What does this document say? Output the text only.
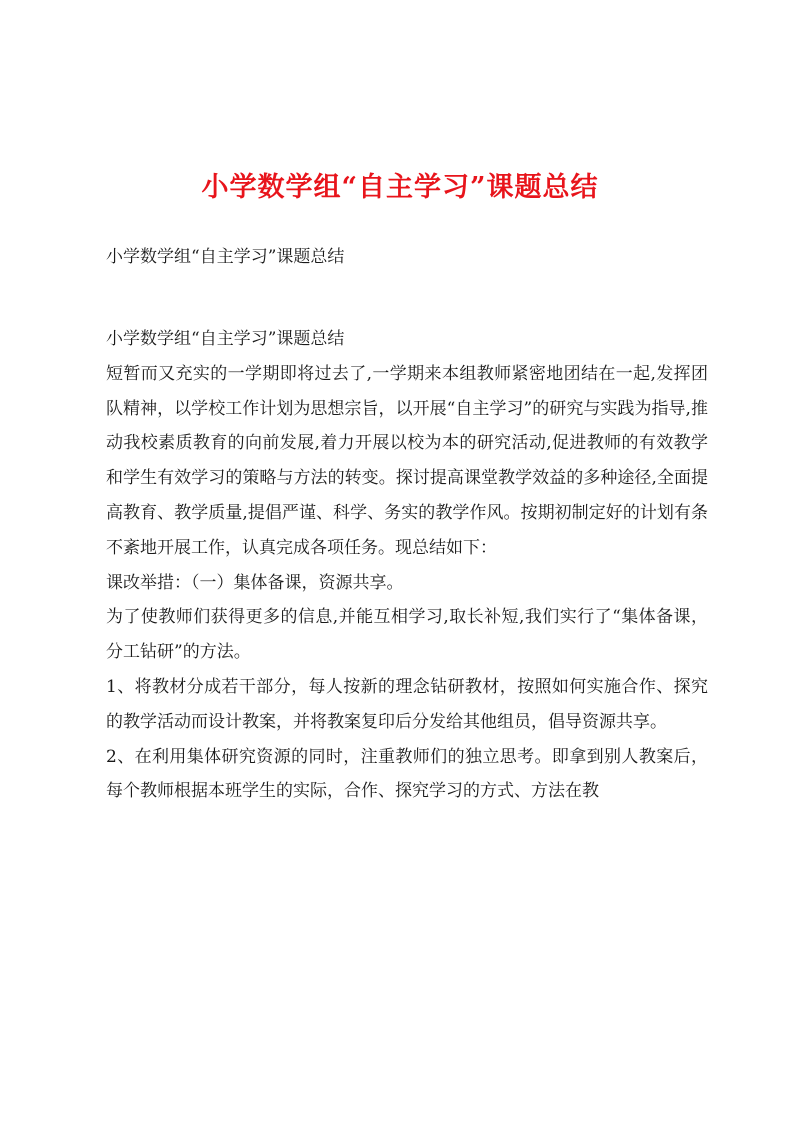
小学数学组“自主学习”课题总结
小学数学组“自主学习”课题总结

小学数学组“自主学习”课题总结

短暂而又充实的一学期即将过去了,一学期来本组教师紧密地团结在一起,发挥团队精神，以学校工作计划为思想宗旨，以开展“自主学习”的研究与实践为指导,推动我校素质教育的向前发展,着力开展以校为本的研究活动,促进教师的有效教学和学生有效学习的策略与方法的转变。探讨提高课堂教学效益的多种途径,全面提高教育、教学质量,提倡严谨、科学、务实的教学作风。按期初制定好的计划有条不紊地开展工作，认真完成各项任务。现总结如下：

课改举措：（一）集体备课，资源共享。

为了使教师们获得更多的信息,并能互相学习,取长补短,我们实行了“集体备课，分工钻研”的方法。

1、将教材分成若干部分，每人按新的理念钻研教材，按照如何实施合作、探究的教学活动而设计教案，并将教案复印后分发给其他组员，倡导资源共享。

2、在利用集体研究资源的同时，注重教师们的独立思考。即拿到别人教案后，每个教师根据本班学生的实际，合作、探究学习的方式、方法在教
